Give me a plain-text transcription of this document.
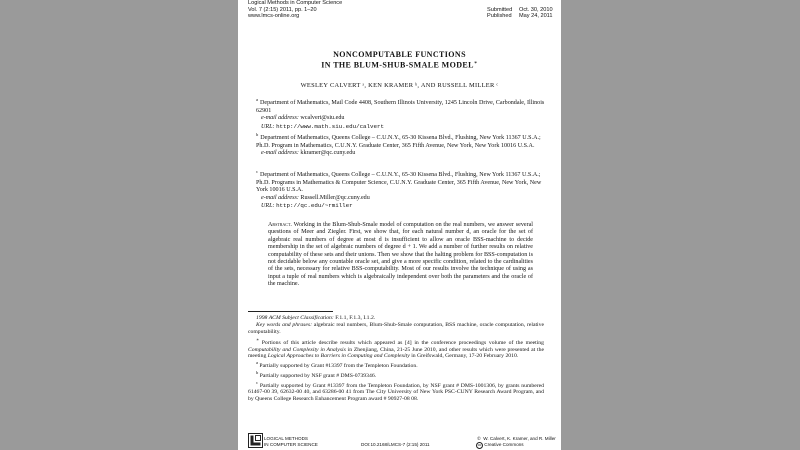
Logical Methods in Computer Science
Vol. 7 (2:15) 2011, pp. 1–20
www.lmcs-online.org
Submitted Oct. 30, 2010
Published May 24, 2011
NONCOMPUTABLE FUNCTIONS
IN THE BLUM-SHUB-SMALE MODEL∗
WESLEY CALVERT ᵃ, KEN KRAMER ᵇ, AND RUSSELL MILLER ᶜ
$^a$Department of Mathematics, Mail Code 4408, Southern Illinois University, 1245 Lincoln Drive, Carbondale, Illinois 62901
e-mail address: wcalvert@siu.edu
URL: http://www.math.siu.edu/calvert
$^b$Department of Mathematics, Queens College – C.U.N.Y., 65-30 Kissena Blvd., Flushing, New York 11367 U.S.A.; Ph.D. Program in Mathematics, C.U.N.Y. Graduate Center, 365 Fifth Avenue, New York, New York 10016 U.S.A.
e-mail address: kkramer@qc.cuny.edu
$^c$Department of Mathematics, Queens College – C.U.N.Y., 65-30 Kissena Blvd., Flushing, New York 11367 U.S.A.; Ph.D. Programs in Mathematics & Computer Science, C.U.N.Y. Graduate Center, 365 Fifth Avenue, New York, New York 10016 U.S.A.
e-mail address: Russell.Miller@qc.cuny.edu
URL: http://qc.edu/~rmiller
Abstract. Working in the Blum-Shub-Smale model of computation on the real numbers, we answer several questions of Meer and Ziegler. First, we show that, for each natural number d, an oracle for the set of algebraic real numbers of degree at most d is insufficient to allow an oracle BSS-machine to decide membership in the set of algebraic numbers of degree d + 1. We add a number of further results on relative computability of these sets and their unions. Then we show that the halting problem for BSS-computation is not decidable below any countable oracle set, and give a more specific condition, related to the cardinalities of the sets, necessary for relative BSS-computability. Most of our results involve the technique of using as input a tuple of real numbers which is algebraically independent over both the parameters and the oracle of the machine.
1998 ACM Subject Classification: F.1.1, F.1.3, I.1.2.
Key words and phrases: algebraic real numbers, Blum-Shub-Smale computation, BSS machine, oracle computation, relative computability.
∗ Portions of this article describe results which appeared as [4] in the conference proceedings volume of the meeting Computability and Complexity in Analysis in Zhenjiang, China, 21-25 June 2010, and other results which were presented at the meeting Logical Approaches to Barriers in Computing and Complexity in Greifswald, Germany, 17-20 February 2010.
$^a$ Partially supported by Grant #13397 from the Templeton Foundation.
$^b$ Partially supported by NSF grant # DMS-0739346.
$^c$ Partially supported by Grant #13397 from the Templeton Foundation, by NSF grant # DMS-1001306, by grants numbered 61467-00 39, 62632-00 40, and 63286-00 41 from The City University of New York PSC-CUNY Research Award Program, and by Queens College Research Enhancement Program award # 90927-08 08.
LOGICAL METHODS
IN COMPUTER SCIENCE	DOI:10.2168/LMCS-7 (2:15) 2011
© W. Calvert, K. Kramer, and R. Miller
cc Creative Commons
